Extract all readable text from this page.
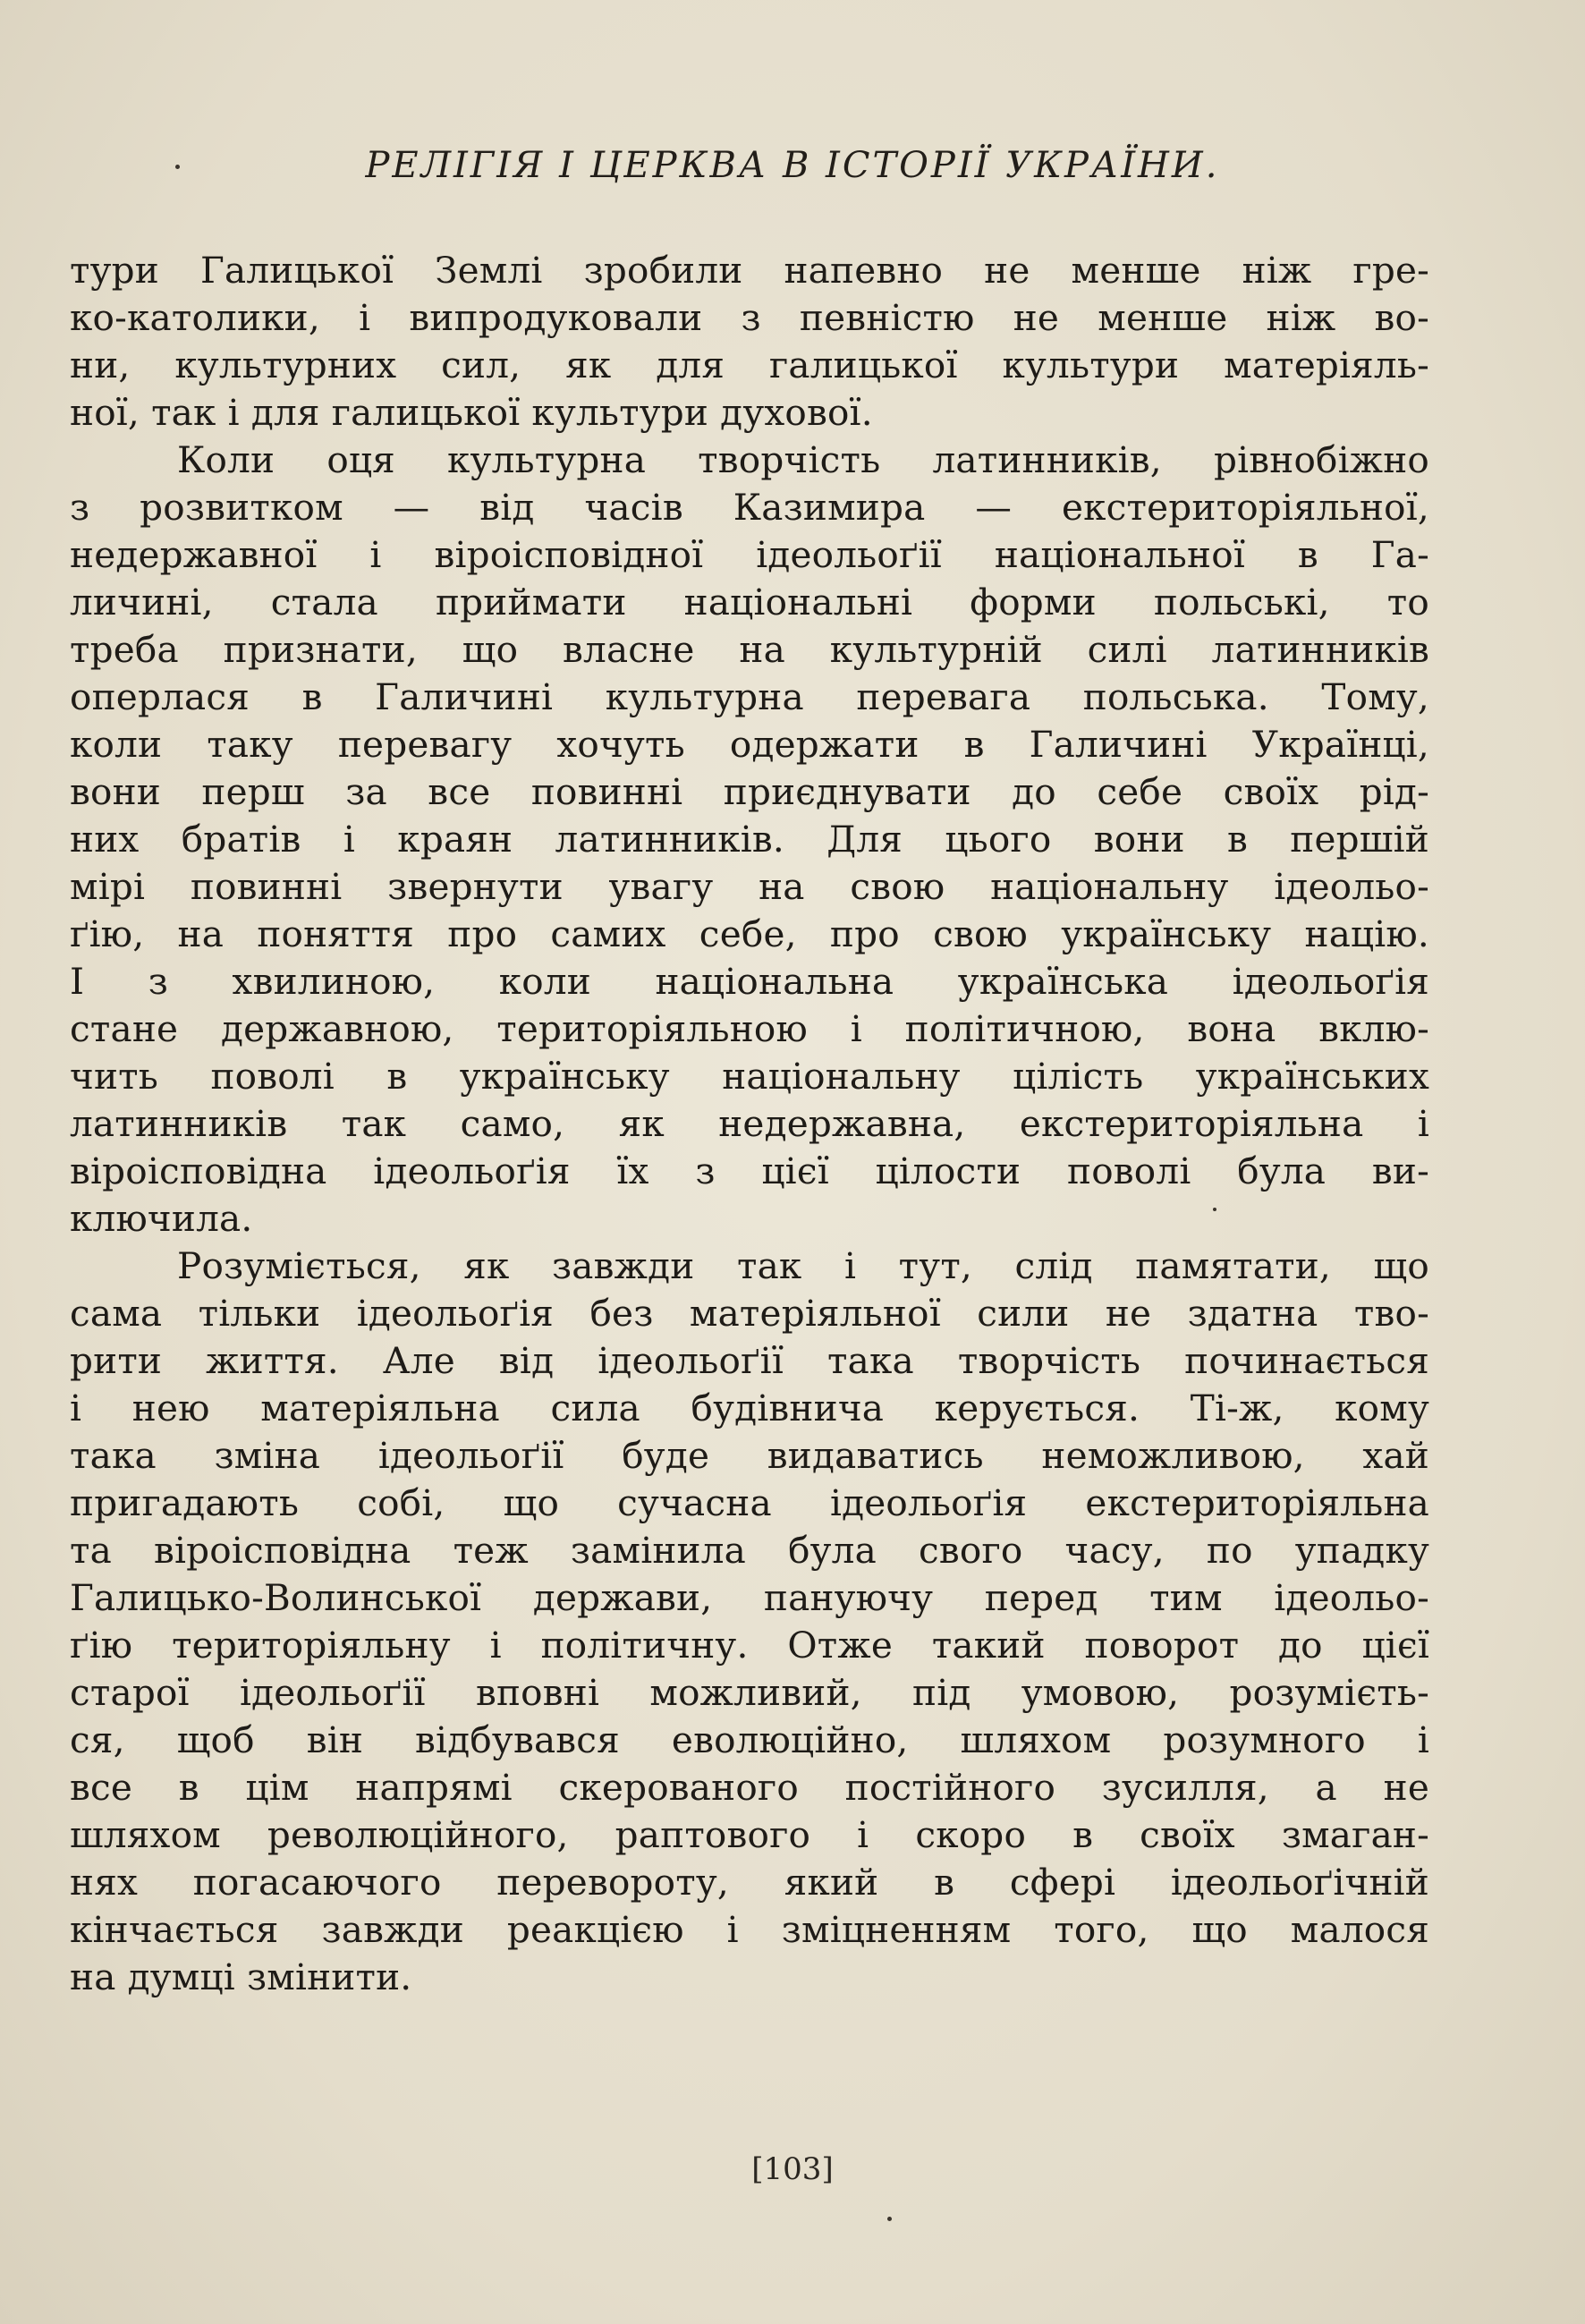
РЕЛІГІЯ І ЦЕРКВА В ІСТОРІЇ УКРАЇНИ.
тури Галицької Землі зробили напевно не менше ніж гре-
ко-католики, і випродуковали з певністю не менше ніж во-
ни, культурних сил, як для галицької культури матеріяль-
ної, так і для галицької культури духової.
Коли оця культурна творчість латинників, рівнобіжно
з розвитком — від часів Казимира — екстериторіяльної,
недержавної і віроісповідної ідеольоґії національної в Га-
личині, стала приймати національні форми польські, то
треба признати, що власне на культурній силі латинників
оперлася в Галичині культурна перевага польська. Тому,
коли таку перевагу хочуть одержати в Галичині Українці,
вони перш за все повинні приєднувати до себе своїх рід-
них братів і краян латинників. Для цього вони в першій
мірі повинні звернути увагу на свою національну ідеольо-
ґію, на поняття про самих себе, про свою українську націю.
І з хвилиною, коли національна українська ідеольоґія
стане державною, територіяльною і політичною, вона вклю-
чить поволі в українську національну цілість українських
латинників так само, як недержавна, екстериторіяльна і
віроісповідна ідеольоґія їх з цієї цілости поволі була ви-
ключила.
Розуміється, як завжди так і тут, слід памятати, що
сама тільки ідеольоґія без матеріяльної сили не здатна тво-
рити життя. Але від ідеольоґії така творчість починається
і нею матеріяльна сила будівнича керується. Ті-ж, кому
така зміна ідеольоґії буде видаватись неможливою, хай
пригадають собі, що сучасна ідеольоґія екстериторіяльна
та віроісповідна теж замінила була свого часу, по упадку
Галицько-Волинської держави, пануючу перед тим ідеольо-
ґію територіяльну і політичну. Отже такий поворот до цієї
старої ідеольоґії вповні можливий, під умовою, розумієть-
ся, щоб він відбувався еволюційно, шляхом розумного і
все в цім напрямі скерованого постійного зусилля, а не
шляхом революційного, раптового і скоро в своїх змаган-
нях погасаючого перевороту, який в сфері ідеольоґічній
кінчається завжди реакцією і зміцненням того, що малося
на думці змінити.
[103]
